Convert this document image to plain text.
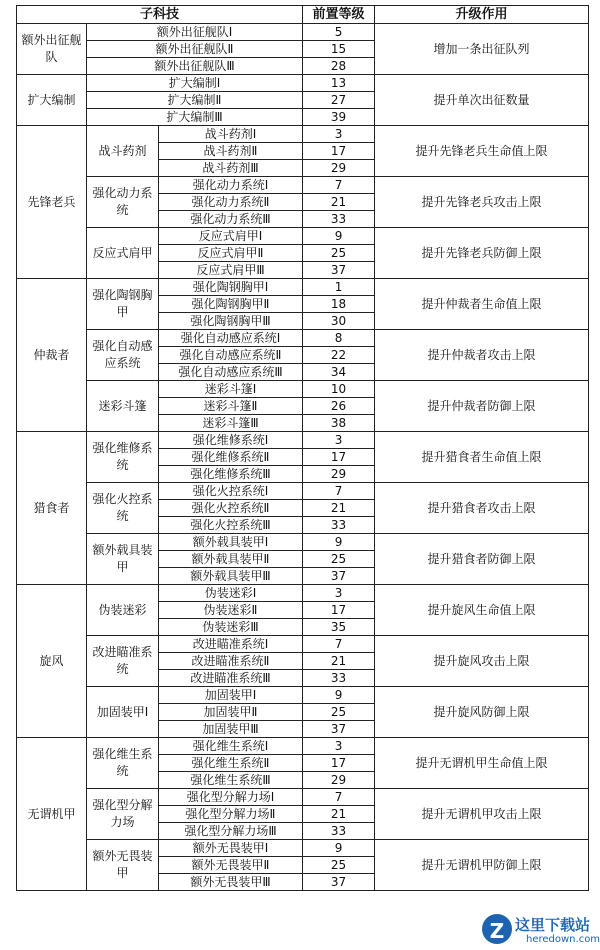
子科技			前置等级	升级作用
额外出征舰队	额外出征舰队Ⅰ		5	增加一条出征队列
	额外出征舰队Ⅱ		15	
	额外出征舰队Ⅲ		28	
扩大编制	扩大编制Ⅰ		13	提升单次出征数量
	扩大编制Ⅱ		27	
	扩大编制Ⅲ		39	
先锋老兵	战斗药剂	战斗药剂Ⅰ	3	提升先锋老兵生命值上限
		战斗药剂Ⅱ	17	
		战斗药剂Ⅲ	29	
	强化动力系统	强化动力系统Ⅰ	7	提升先锋老兵攻击上限
		强化动力系统Ⅱ	21	
		强化动力系统Ⅲ	33	
	反应式肩甲	反应式肩甲Ⅰ	9	提升先锋老兵防御上限
		反应式肩甲Ⅱ	25	
		反应式肩甲Ⅲ	37	
仲裁者	强化陶钢胸甲	强化陶钢胸甲Ⅰ	1	提升仲裁者生命值上限
		强化陶钢胸甲Ⅱ	18	
		强化陶钢胸甲Ⅲ	30	
	强化自动感应系统	强化自动感应系统Ⅰ	8	提升仲裁者攻击上限
		强化自动感应系统Ⅱ	22	
		强化自动感应系统Ⅲ	34	
	迷彩斗篷	迷彩斗篷Ⅰ	10	提升仲裁者防御上限
		迷彩斗篷Ⅱ	26	
		迷彩斗篷Ⅲ	38	
猎食者	强化维修系统	强化维修系统Ⅰ	3	提升猎食者生命值上限
		强化维修系统Ⅱ	17	
		强化维修系统Ⅲ	29	
	强化火控系统	强化火控系统Ⅰ	7	提升猎食者攻击上限
		强化火控系统Ⅱ	21	
		强化火控系统Ⅲ	33	
	额外载具装甲	额外载具装甲Ⅰ	9	提升猎食者防御上限
		额外载具装甲Ⅱ	25	
		额外载具装甲Ⅲ	37	
旋风	伪装迷彩	伪装迷彩Ⅰ	3	提升旋风生命值上限
		伪装迷彩Ⅱ	17	
		伪装迷彩Ⅲ	35	
	改进瞄准系统	改进瞄准系统Ⅰ	7	提升旋风攻击上限
		改进瞄准系统Ⅱ	21	
		改进瞄准系统Ⅲ	33	
	加固装甲Ⅰ	加固装甲Ⅰ	9	提升旋风防御上限
		加固装甲Ⅱ	25	
		加固装甲Ⅲ	37	
无谓机甲	强化维生系统	强化维生系统Ⅰ	3	提升无谓机甲生命值上限
		强化维生系统Ⅱ	17	
		强化维生系统Ⅲ	29	
	强化型分解力场	强化型分解力场Ⅰ	7	提升无谓机甲攻击上限
		强化型分解力场Ⅱ	21	
		强化型分解力场Ⅲ	33	
	额外无畏装甲	额外无畏装甲Ⅰ	9	提升无谓机甲防御上限
		额外无畏装甲Ⅱ	25	
		额外无畏装甲Ⅲ	37	
Z 这里下载站
heredown.com
